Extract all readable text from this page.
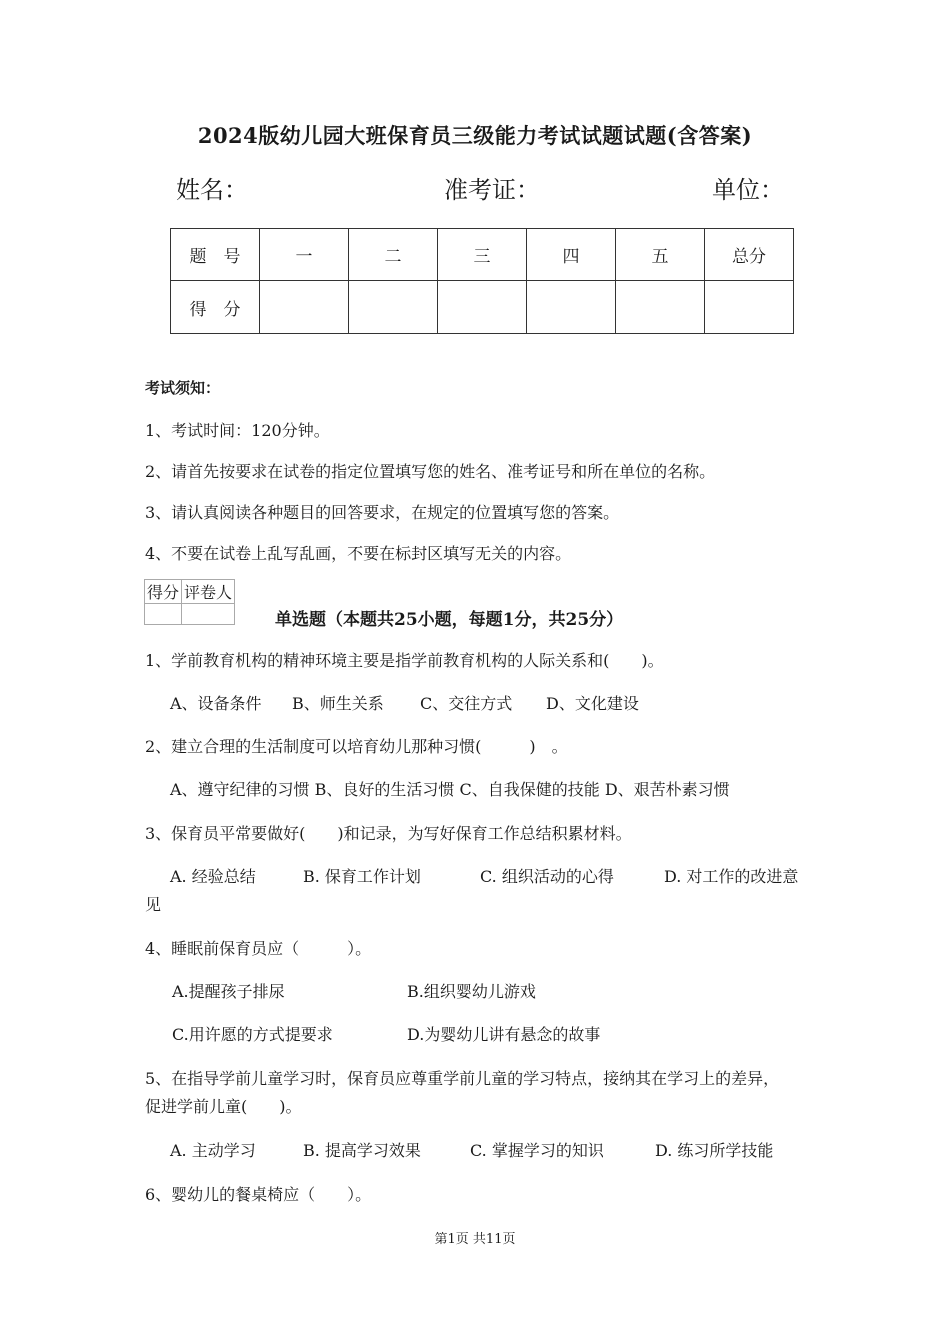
2024版幼儿园大班保育员三级能力考试试题试题(含答案)
姓名：	准考证：	单位：
题　号	一	二	三	四	五	总分
得　分						
考试须知：
1、考试时间：120分钟。
2、请首先按要求在试卷的指定位置填写您的姓名、准考证号和所在单位的名称。
3、请认真阅读各种题目的回答要求，在规定的位置填写您的答案。
4、不要在试卷上乱写乱画，不要在标封区填写无关的内容。
得分	评卷人

单选题（本题共25小题，每题1分，共25分）
1、学前教育机构的精神环境主要是指学前教育机构的人际关系和(　　)。
A、设备条件 B、师生关系 C、交往方式 D、文化建设
2、建立合理的生活制度可以培育幼儿那种习惯(　　　)　。
A、遵守纪律的习惯 B、良好的生活习惯 C、自我保健的技能 D、艰苦朴素习惯
3、保育员平常要做好(　　)和记录，为写好保育工作总结积累材料。
A. 经验总结	B. 保育工作计划	C. 组织活动的心得	D. 对工作的改进意
见
4、睡眠前保育员应（　　　）。
A.提醒孩子排尿	B.组织婴幼儿游戏
C.用许愿的方式提要求	D.为婴幼儿讲有悬念的故事
5、在指导学前儿童学习时，保育员应尊重学前儿童的学习特点，接纳其在学习上的差异，
促进学前儿童(　　)。
A. 主动学习	B. 提高学习效果	C. 掌握学习的知识	D. 练习所学技能
6、婴幼儿的餐桌椅应（　　）。
第1页 共11页
